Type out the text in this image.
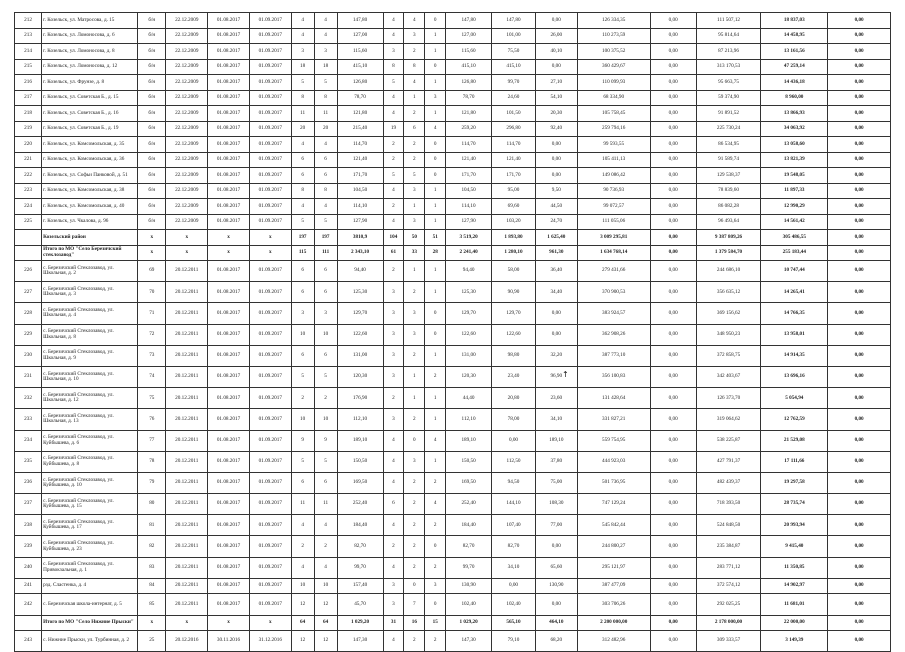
212	г. Козельск, ул. Матросова, д. 15	б/н	22.12.2009	01.08.2017	01.09.2017	4	4	147,80	4	4	0	147,80	147,80	0,00	126 334,35	0,00	111 507,12	18 837,03	0,00
213	г. Козельск, ул. Ломоносова, д. 6	б/н	22.12.2009	01.08.2017	01.09.2017	4	4	127,00	4	3	1	127,00	101,00	26,00	110 273,59	0,00	95 814,64	14 458,95	0,00
214	г. Козельск, ул. Ломоносова, д. 8	б/н	22.12.2009	01.08.2017	01.09.2017	3	3	115,60	3	2	1	115,60	75,50	40,10	100 375,52	0,00	87 213,96	13 161,56	0,00
215	г. Козельск, ул. Ломоносова, д. 12	б/н	22.12.2009	01.08.2017	01.09.2017	18	18	415,10	8	8	0	415,10	415,10	0,00	360 429,67	0,00	313 170,53	47 259,14	0,00
216	г. Козельск, ул. Фрунзе, д. 8	б/н	22.12.2009	01.08.2017	01.09.2017	5	5	126,80	5	4	1	126,80	99,70	27,10	110 099,93	0,00	95 663,75	14 436,18	0,00
217	г. Козельск, ул. Советская Б., д. 15	б/н	22.12.2009	01.08.2017	01.09.2017	8	8	78,70	4	1	3	78,70	24,60	54,10	68 334,90	0,00	59 374,90	8 960,00	0,00
218	г. Козельск, ул. Советская Б., д. 16	б/н	22.12.2009	01.08.2017	01.09.2017	11	11	121,80	4	2	1	121,80	101,50	20,30	105 758,45	0,00	91 891,52	13 866,93	0,00
219	г. Козельск, ул. Советская Б., д. 19	б/н	22.12.2009	01.08.2017	01.09.2017	20	20	215,40	19	6	4	259,20	296,80	92,40	259 794,16	0,00	225 730,24	34 063,92	0,00
220	г. Козельск, ул. Комсомольская, д. 35	б/н	22.12.2009	01.08.2017	01.09.2017	4	4	114,70	2	2	0	114,70	114,70	0,00	99 593,55	0,00	86 534,95	13 058,60	0,00
221	г. Козельск, ул. Комсомольская, д. 36	б/н	22.12.2009	01.08.2017	01.09.2017	6	6	121,40	2	2	0	121,40	121,40	0,00	105 411,13	0,00	91 589,74	13 821,39	0,00
222	г. Козельск, ул. Софьи Панковой, д. 51	б/н	22.12.2009	01.08.2017	01.09.2017	6	6	171,70	5	5	0	171,70	171,70	0,00	149 086,42	0,00	129 538,37	19 548,05	0,00
223	г. Козельск, ул. Комсомольская, д. 38	б/н	22.12.2009	01.08.2017	01.09.2017	8	8	104,50	4	3	1	104,50	95,00	9,50	90 736,93	0,00	78 839,60	11 897,33	0,00
224	г. Козельск, ул. Комсомольская, д. 40	б/н	22.12.2009	01.08.2017	01.09.2017	4	4	114,10	2	1	1	114,10	69,60	44,50	99 072,57	0,00	86 082,28	12 990,29	0,00
225	г. Козельск, ул. Чкалова, д. 96	б/н	22.12.2009	01.08.2017	01.09.2017	5	5	127,90	4	3	1	127,90	103,20	24,70	111 055,06	0,00	96 493,64	14 561,42	0,00
	Козельский район	х	х	х	х	197	197	3810,9	104	50	51	3 519,20	1 893,80	1 625,40	3 009 295,81	0,00	9 387 809,26	305 486,55	0,00
	Итого по МО "Село Березичский стеклозавод"	х	х	х	х	115	111	2 343,10	61	33	28	2 241,40	1 280,10	961,30	1 634 768,14	0,00	1 379 584,70	255 183,44	0,00
226	с. Березичский Стеклозавод, ул. Школьная, д. 2	69	20.12.2011	01.08.2017	01.09.2017	6	6	94,40	2	1	1	94,40	58,00	36,40	279 431,66	0,00	244 686,10	10 747,44	0,00
227	с. Березичский Стеклозавод, ул. Школьная, д. 3	70	20.12.2011	01.08.2017	01.09.2017	6	6	125,30	3	2	1	125,30	90,90	34,40	370 900,53	0,00	356 635,12	14 265,41	0,00
228	с. Березичский Стеклозавод, ул. Школьная, д. 4	71	20.12.2011	01.08.2017	01.09.2017	3	3	129,70	3	3	0	129,70	129,70	0,00	383 924,57	0,00	369 156,62	14 766,35	0,00
229	с. Березичский Стеклозавод, ул. Школьная, д. 8	72	20.12.2011	01.08.2017	01.09.2017	10	10	122,60	3	3	0	122,60	122,60	0,00	362 908,26	0,00	348 950,23	13 958,01	0,00
230	с. Березичский Стеклозавод, ул. Школьная, д. 9	73	20.12.2011	01.08.2017	01.09.2017	6	6	131,00	3	2	1	131,00	98,80	32,20	387 773,10	0,00	372 858,75	14 914,35	0,00
231	с. Березичский Стеклозавод, ул. Школьная, д. 10	74	20.12.2011	01.08.2017	01.09.2017	5	5	120,30	3	1	2	120,30	23,40	96,90	356 100,83	0,00	342 403,67	13 696,16	0,00
232	с. Березичский Стеклозавод, ул. Школьная, д. 12	75	20.12.2011	01.08.2017	01.09.2017	2	2	176,90	2	1	1	44,40	20,80	23,60	131 428,64	0,00	126 373,70	5 054,94	0,00
233	с. Березичский Стеклозавод, ул. Школьная, д. 13	76	20.12.2011	01.08.2017	01.09.2017	10	10	112,10	3	2	1	112,10	78,00	34,10	331 827,21	0,00	319 064,62	12 762,59	0,00
234	с. Березичский Стеклозавод, ул. Куйбышева, д. 6	77	20.12.2011	01.08.2017	01.09.2017	9	9	189,10	4	0	4	189,10	0,00	189,10	559 754,95	0,00	538 225,87	21 529,08	0,00
235	с. Березичский Стеклозавод, ул. Куйбышева, д. 8	78	20.12.2011	01.08.2017	01.09.2017	5	5	150,50	4	3	1	150,50	112,50	37,80	444 923,03	0,00	427 791,37	17 111,66	0,00
236	с. Березичский Стеклозавод, ул. Куйбышева, д. 10	79	20.12.2011	01.08.2017	01.09.2017	6	6	169,50	4	2	2	169,50	94,50	75,00	501 736,95	0,00	482 439,37	19 297,58	0,00
237	с. Березичский Стеклозавод, ул. Куйбышева, д. 15	80	20.12.2011	01.08.2017	01.09.2017	11	11	252,40	6	2	4	252,40	144,10	108,30	747 129,24	0,00	718 393,50	28 735,74	0,00
238	с. Березичский Стеклозавод, ул. Куйбышева, д. 17	81	20.12.2011	01.08.2017	01.09.2017	4	4	184,40	4	2	2	184,40	107,40	77,00	545 842,44	0,00	524 848,50	20 993,94	0,00
239	с. Березичский Стеклозавод, ул. Куйбышева, д. 23	82	20.12.2011	01.08.2017	01.09.2017	2	2	82,70	2	2	0	82,70	82,70	0,00	244 800,27	0,00	235 384,87	9 415,40	0,00
240	с. Березичский Стеклозавод, ул. Привокзальная, д. 1	83	20.12.2011	01.08.2017	01.09.2017	4	4	99,70	4	2	2	99,70	34,10	65,60	295 121,97	0,00	283 771,12	11 350,85	0,00
241	рзд. Сластенка, д. 4	84	20.12.2011	01.08.2017	01.09.2017	10	10	157,40	3	0	3	130,90	0,00	130,90	387 477,09	0,00	372 574,12	14 902,97	0,00
242	с. Березичская школа-интернат, д. 5	85	20.12.2011	01.08.2017	01.09.2017	12	12	45,70	3	7	0	102,40	102,40	0,00	303 706,26	0,00	292 025,25	11 681,01	0,00
	Итого по МО "Село Нижние Прыски"	х	х	х	х	64	64	1 029,20	31	16	15	1 029,20	565,10	464,10	2 200 000,00	0,00	2 178 000,00	22 000,00	0,00
243	с. Нижние Прыски, ул. Турбинная, д. 2	25	20.12.2016	30.11.2016	31.12.2016	12	12	147,30	4	2	2	147,30	79,10	68,20	312 482,96	0,00	309 333,57	3 149,39	0,00
↑
